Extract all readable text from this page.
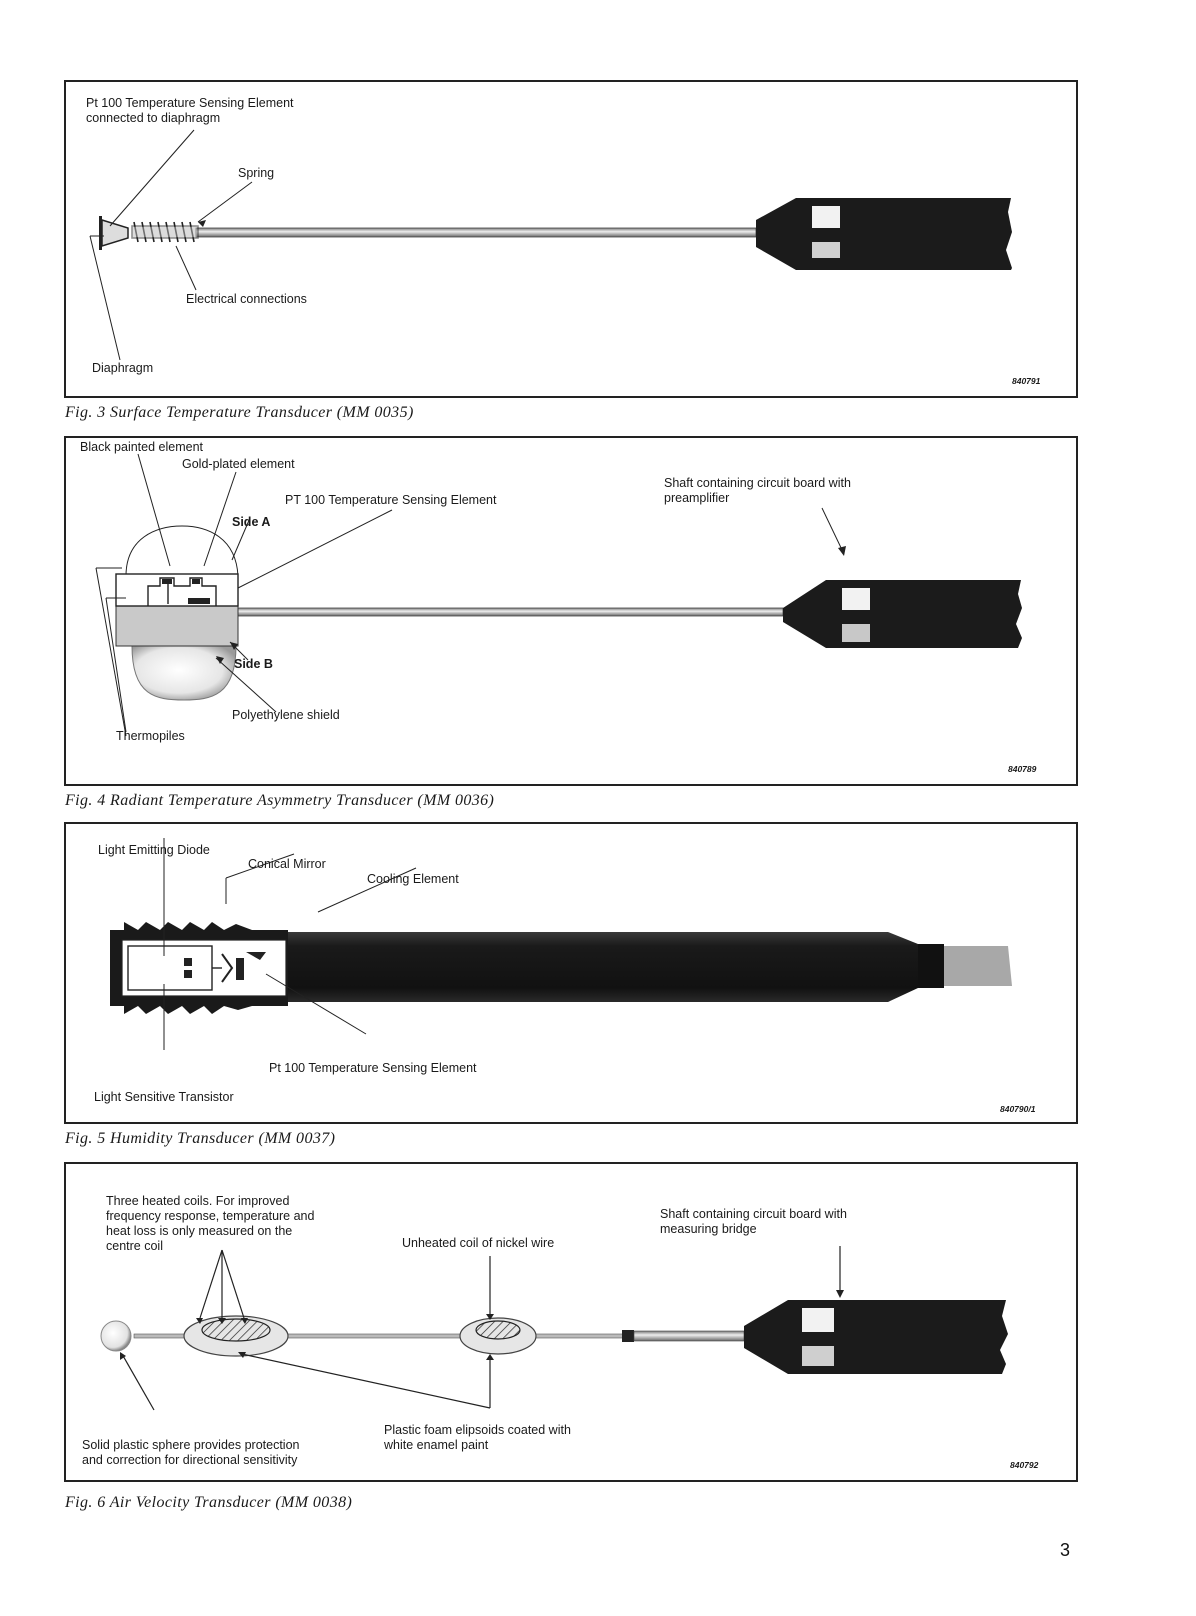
Pt 100 Temperature Sensing Element
connected to diaphragm
Spring
Electrical connections
Diaphragm
840791
Fig. 3 Surface Temperature Transducer (MM 0035)
Black painted element
Gold-plated element
PT 100 Temperature Sensing Element
Side A
Shaft containing circuit board with
preamplifier
Side B
Polyethylene shield
Thermopiles
840789
Fig. 4 Radiant Temperature Asymmetry Transducer (MM 0036)
Light Emitting Diode
Conical Mirror
Cooling Element
Pt 100 Temperature Sensing Element
Light Sensitive Transistor
840790/1
Fig. 5 Humidity Transducer (MM 0037)
Three heated coils. For improved
frequency response, temperature and
heat loss is only measured on the
centre coil	Unheated coil of nickel wire
Shaft containing circuit board with
measuring bridge
Solid plastic sphere provides protection
and correction for directional sensitivity
Plastic foam elipsoids coated with
white enamel paint
840792
Fig. 6 Air Velocity Transducer (MM 0038)
3
